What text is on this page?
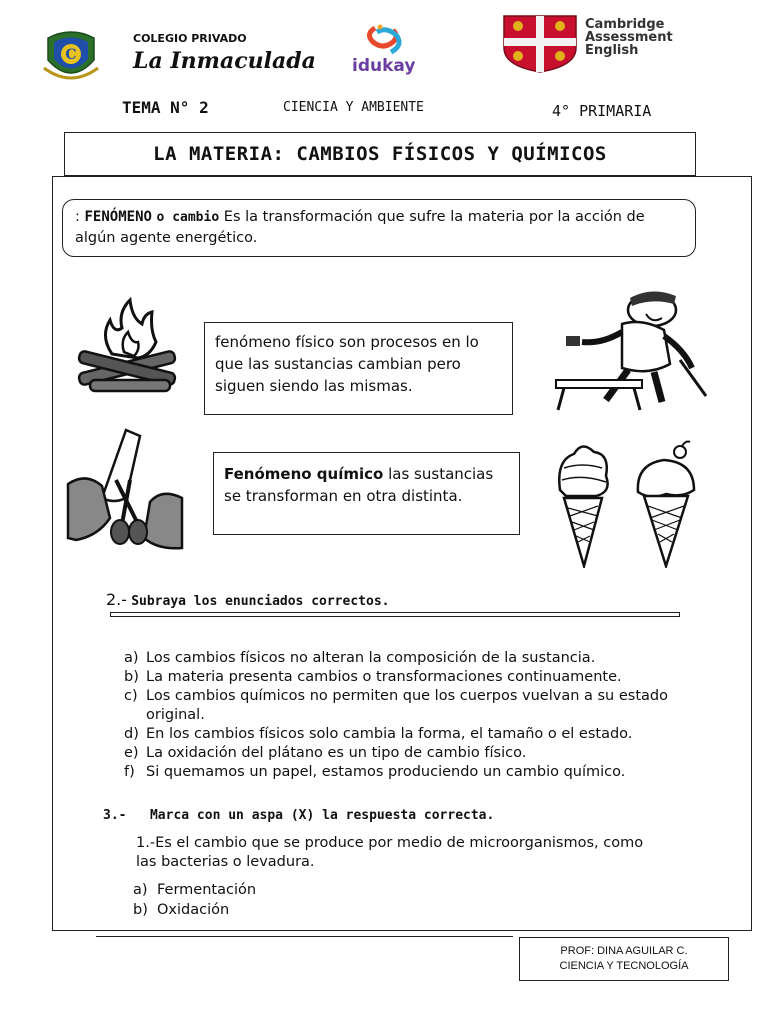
C
COLEGIO PRIVADO
La Inmaculada idukay
Cambridge
Assessment
English
TEMA N° 2	CIENCIA Y AMBIENTE	4° PRIMARIA
LA MATERIA: CAMBIOS FÍSICOS Y QUÍMICOS
: FENÓMENO o cambio Es la transformación que sufre la materia por la acción de algún agente energético.
fenómeno físico son procesos en lo que las sustancias cambian pero siguen siendo las mismas.
Fenómeno químico las sustancias se transforman en otra distinta.
2.- Subraya los enunciados correctos.
a) Los cambios físicos no alteran la composición de la sustancia.
b) La materia presenta cambios o transformaciones continuamente.
c) Los cambios químicos no permiten que los cuerpos vuelvan a su estado
original.
d) En los cambios físicos solo cambia la forma, el tamaño o el estado.
e) La oxidación del plátano es un tipo de cambio físico.
f) Si quemamos un papel, estamos produciendo un cambio químico.
3.-   Marca con un aspa (X) la respuesta correcta.
1.-Es el cambio que se produce por medio de microorganismos, como las bacterias o levadura.
a) Fermentación
b) Oxidación
PROF: DINA AGUILAR C.
CIENCIA Y TECNOLOGÍA
